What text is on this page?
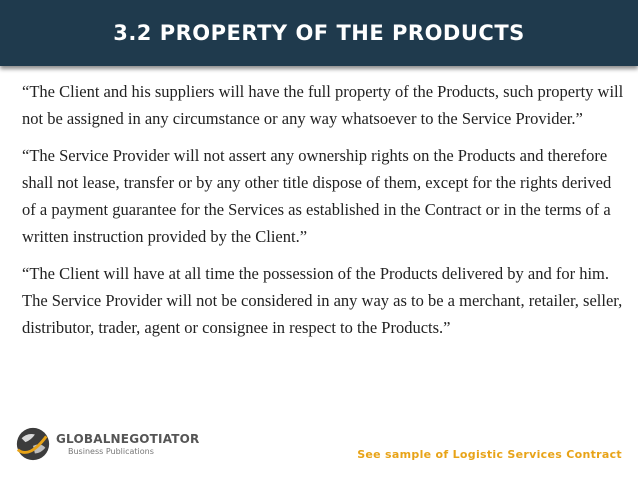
3.2 PROPERTY OF THE PRODUCTS

“The Client and his suppliers will have the full property of the Products, such property will not be assigned in any circumstance or any way whatsoever to the Service Provider.”

“The Service Provider will not assert any ownership rights on the Products and therefore shall not lease, transfer or by any other title dispose of them, except for the rights derived of a payment guarantee for the Services as established in the Contract or in the terms of a written instruction provided by the Client.”

“The Client will have at all time the possession of the Products delivered by and for him. The Service Provider will not be considered in any way as to be a merchant, retailer, seller, distributor, trader, agent or consignee in respect to the Products.”

GLOBALNEGOTIATOR
Business Publications	See sample of Logistic Services Contract
